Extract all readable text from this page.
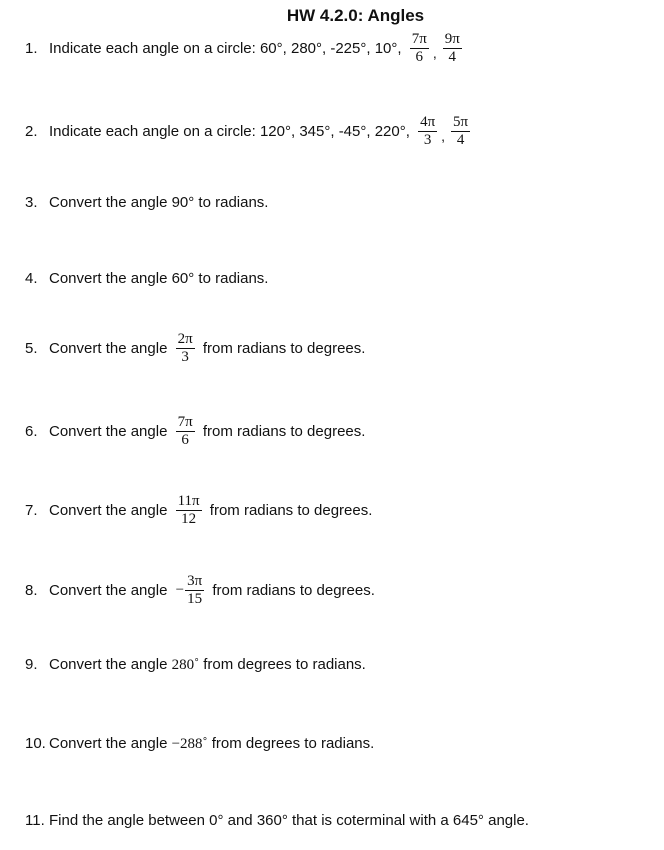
HW 4.2.0: Angles
1. Indicate each angle on a circle: 60°, 280°, -225°, 10°, $\frac{7\pi}{6}$ , $\frac{9\pi}{4}$
2. Indicate each angle on a circle: 120°, 345°, -45°, 220°, $\frac{4\pi}{3}$ , $\frac{5\pi}{4}$
3. Convert the angle 90° to radians.
4. Convert the angle 60° to radians.
5. Convert the angle $\frac{2\pi}{3}$ from radians to degrees.
6. Convert the angle $\frac{7\pi}{6}$ from radians to degrees.
7. Convert the angle $\frac{11\pi}{12}$ from radians to degrees.
8. Convert the angle − $\frac{3\pi}{15}$ from radians to degrees.
9. Convert the angle 280˚ from degrees to radians.
10. Convert the angle −288˚ from degrees to radians.
11. Find the angle between 0° and 360° that is coterminal with a 645° angle.
